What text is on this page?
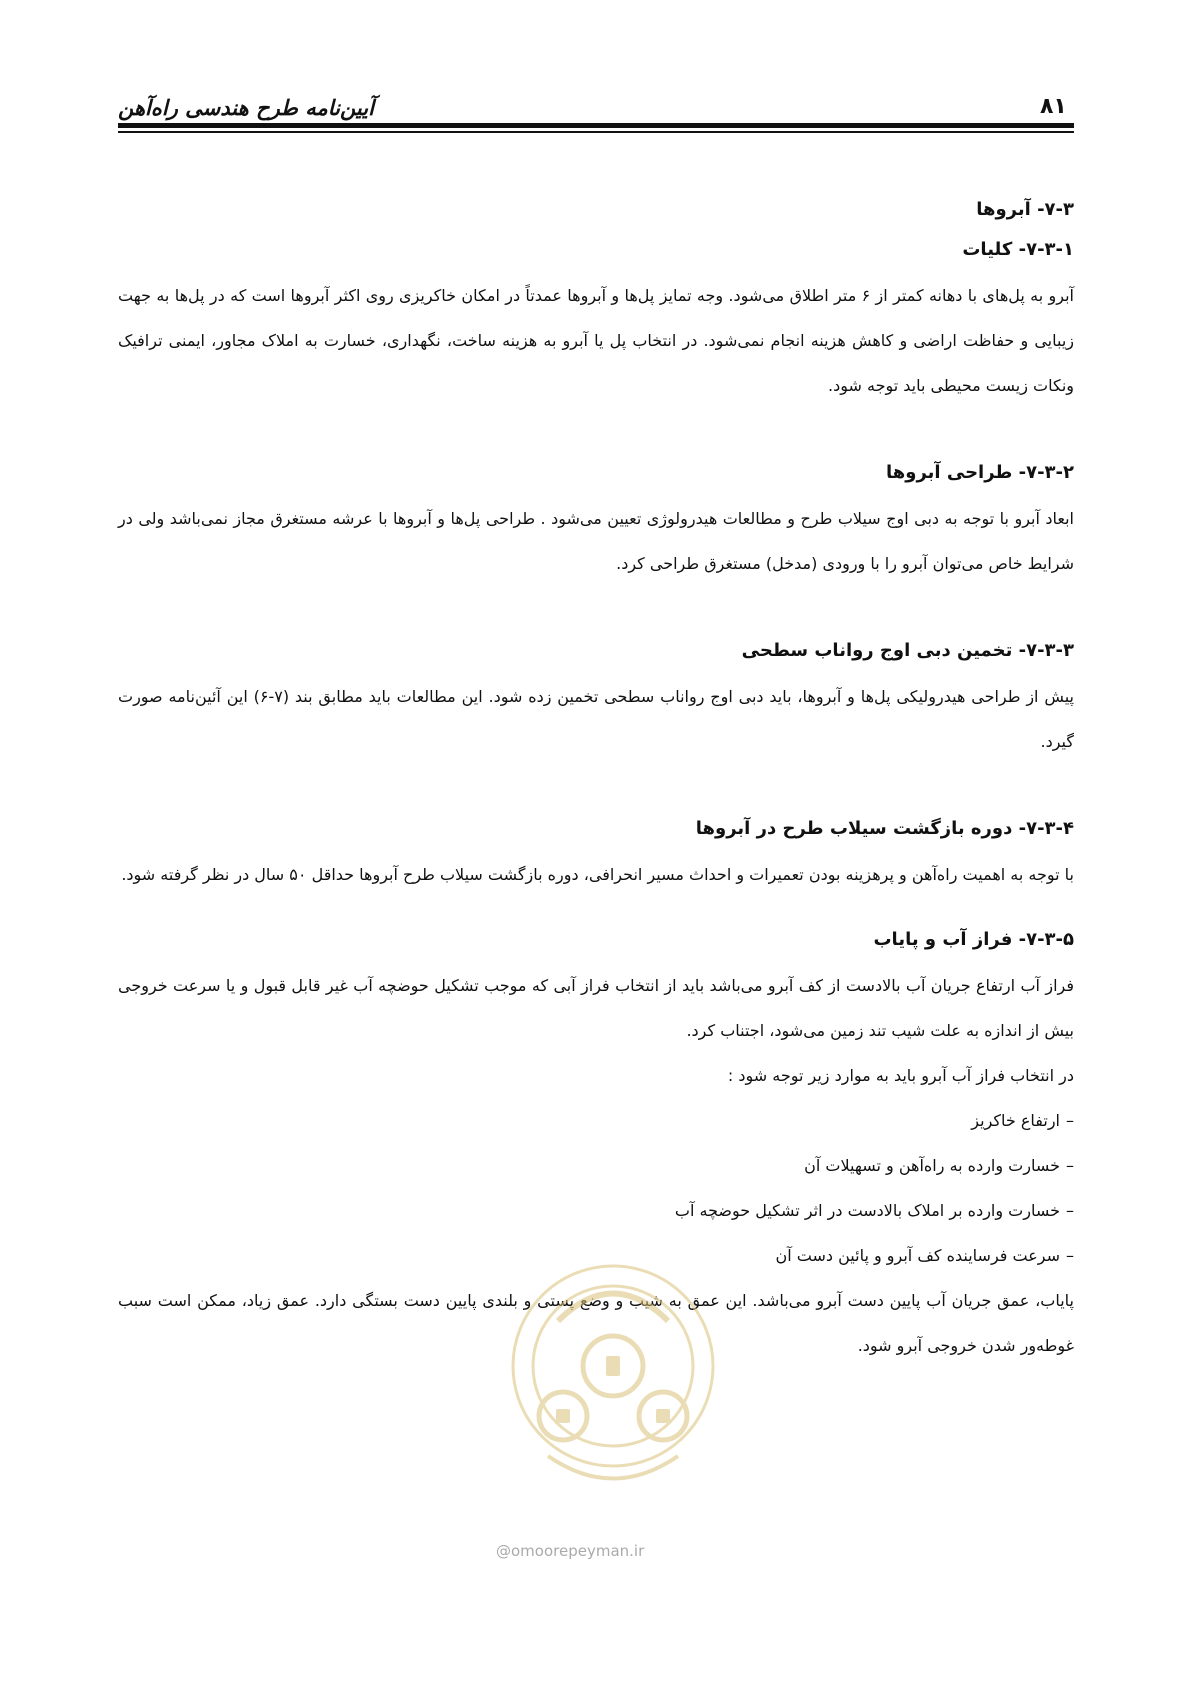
آیین‌نامه طرح هندسی راه‌آهن	۸۱
۷-۳- آبروها
۷-۳-۱- کلیات

آبرو به پل‌های با دهانه کمتر از ۶ متر اطلاق می‌شود. وجه تمایز پل‌ها و آبروها عمدتاً در امکان خاکریزی روی اکثر آبروها است که در پل‌ها به جهت زیبایی و حفاظت اراضی و کاهش هزینه انجام نمی‌شود. در انتخاب پل یا آبرو به هزینه ساخت، نگهداری، خسارت به املاک مجاور، ایمنی ترافیک ونکات زیست محیطی باید توجه شود.

۷-۳-۲- طراحی آبروها

ابعاد آبرو با توجه به دبی اوج سیلاب طرح و مطالعات هیدرولوژی تعیین می‌شود . طراحی پل‌ها و آبروها با عرشه مستغرق مجاز نمی‌باشد ولی در شرایط خاص می‌توان آبرو را با ورودی (مدخل) مستغرق طراحی کرد.

۷-۳-۳- تخمین دبی اوج رواناب سطحی

پیش از طراحی هیدرولیکی پل‌ها و آبروها، باید دبی اوج رواناب سطحی تخمین زده شود. این مطالعات باید مطابق بند (۷-۶) این آئین‌نامه صورت گیرد.

۷-۳-۴- دوره بازگشت سیلاب طرح در آبروها

با توجه به اهمیت راه‌آهن و پرهزینه بودن تعمیرات و احداث مسیر انحرافی، دوره بازگشت سیلاب طرح آبروها حداقل ۵۰ سال در نظر گرفته شود.

۷-۳-۵- فراز آب و پایاب

فراز آب ارتفاع جریان آب بالادست از کف آبرو می‌باشد باید از انتخاب فراز آبی که موجب تشکیل حوضچه آب غیر قابل قبول و یا سرعت خروجی بیش از اندازه به علت شیب تند زمین می‌شود، اجتناب کرد.

در انتخاب فراز آب آبرو باید به موارد زیر توجه شود :

–ارتفاع خاکریز
–خسارت وارده به راه‌آهن و تسهیلات آن
–خسارت وارده بر املاک بالادست در اثر تشکیل حوضچه آب
–سرعت فرساینده کف آبرو و پائین دست آن

پایاب، عمق جریان آب پایین دست آبرو می‌باشد. این عمق به شیب و وضع پستی و بلندی پایین دست بستگی دارد. عمق زیاد، ممکن است سبب غوطه‌ور شدن خروجی آبرو شود.

@omoorepeyman.ir
